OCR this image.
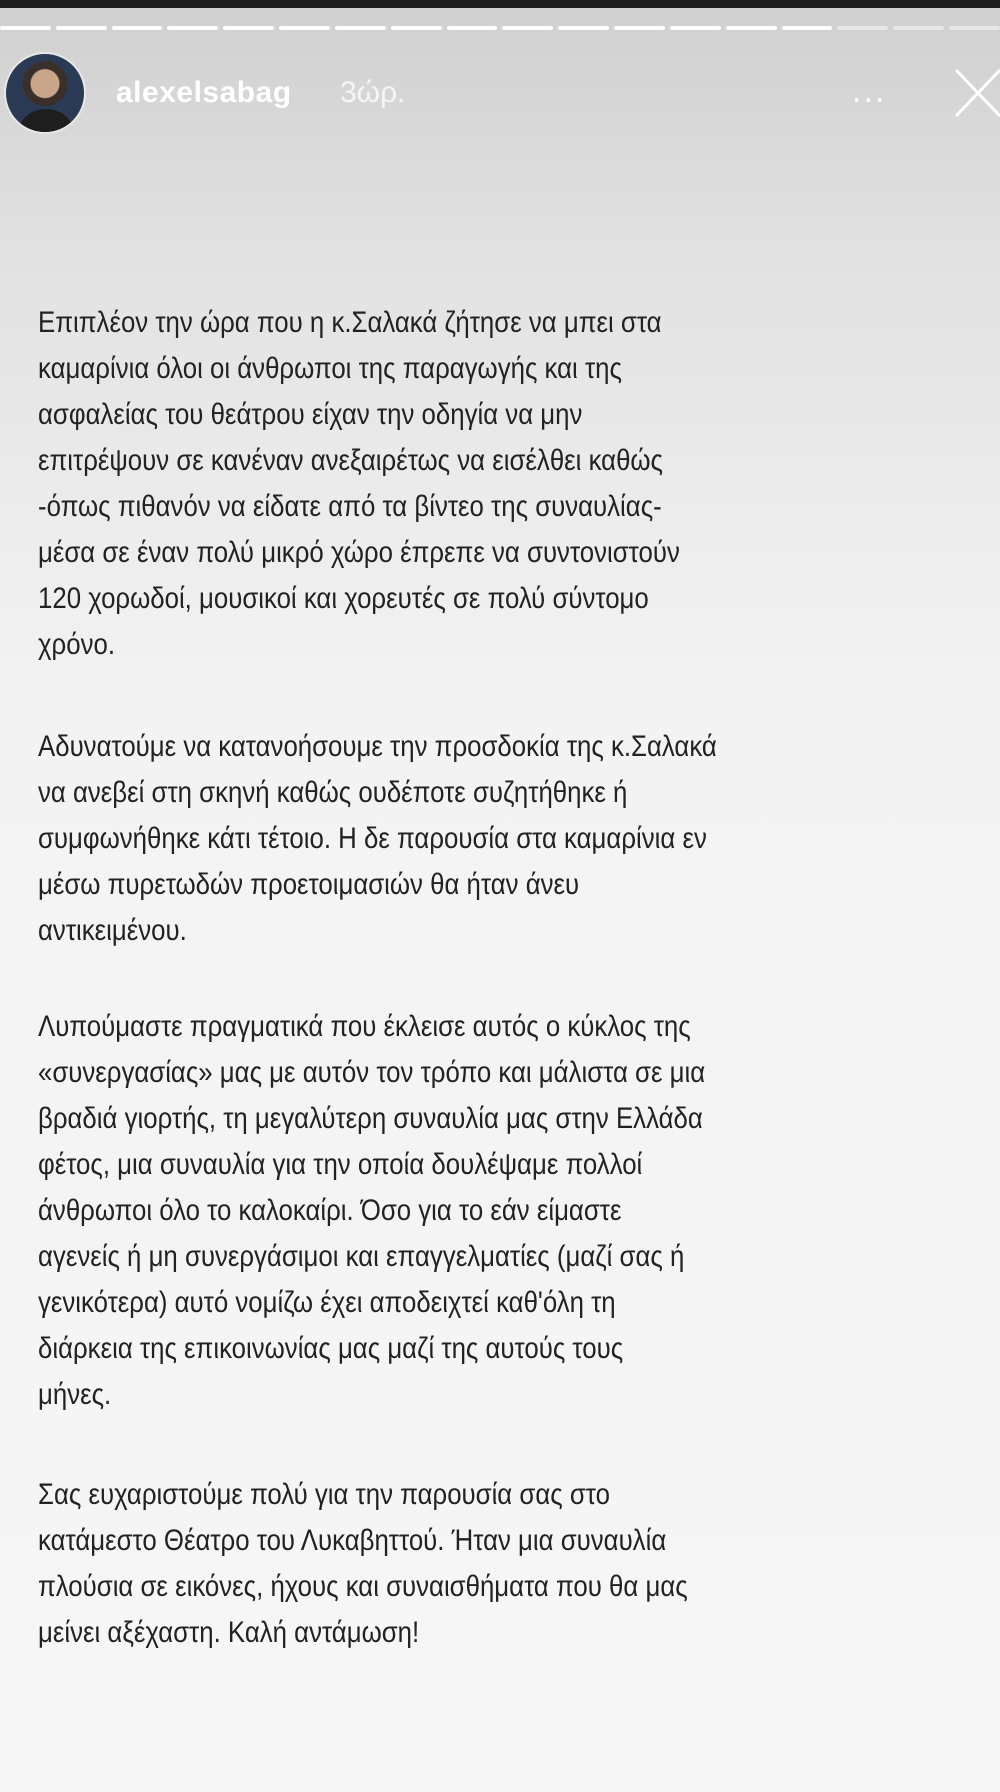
alexelsabag 3ώρ.	...
Επιπλέον την ώρα που η κ.Σαλακά ζήτησε να μπει στα
καμαρίνια όλοι οι άνθρωποι της παραγωγής και της
ασφαλείας του θεάτρου είχαν την οδηγία να μην
επιτρέψουν σε κανέναν ανεξαιρέτως να εισέλθει καθώς
-όπως πιθανόν να είδατε από τα βίντεο της συναυλίας-
μέσα σε έναν πολύ μικρό χώρο έπρεπε να συντονιστούν
120 χορωδοί, μουσικοί και χορευτές σε πολύ σύντομο
χρόνο.
Αδυνατούμε να κατανοήσουμε την προσδοκία της κ.Σαλακά
να ανεβεί στη σκηνή καθώς ουδέποτε συζητήθηκε ή
συμφωνήθηκε κάτι τέτοιο. Η δε παρουσία στα καμαρίνια εν
μέσω πυρετωδών προετοιμασιών θα ήταν άνευ
αντικειμένου.
Λυπούμαστε πραγματικά που έκλεισε αυτός ο κύκλος της
«συνεργασίας» μας με αυτόν τον τρόπο και μάλιστα σε μια
βραδιά γιορτής, τη μεγαλύτερη συναυλία μας στην Ελλάδα
φέτος, μια συναυλία για την οποία δουλέψαμε πολλοί
άνθρωποι όλο το καλοκαίρι. Όσο για το εάν είμαστε
αγενείς ή μη συνεργάσιμοι και επαγγελματίες (μαζί σας ή
γενικότερα) αυτό νομίζω έχει αποδειχτεί καθ'όλη τη
διάρκεια της επικοινωνίας μας μαζί της αυτούς τους
μήνες.
Σας ευχαριστούμε πολύ για την παρουσία σας στο
κατάμεστο Θέατρο του Λυκαβηττού. Ήταν μια συναυλία
πλούσια σε εικόνες, ήχους και συναισθήματα που θα μας
μείνει αξέχαστη. Καλή αντάμωση!
